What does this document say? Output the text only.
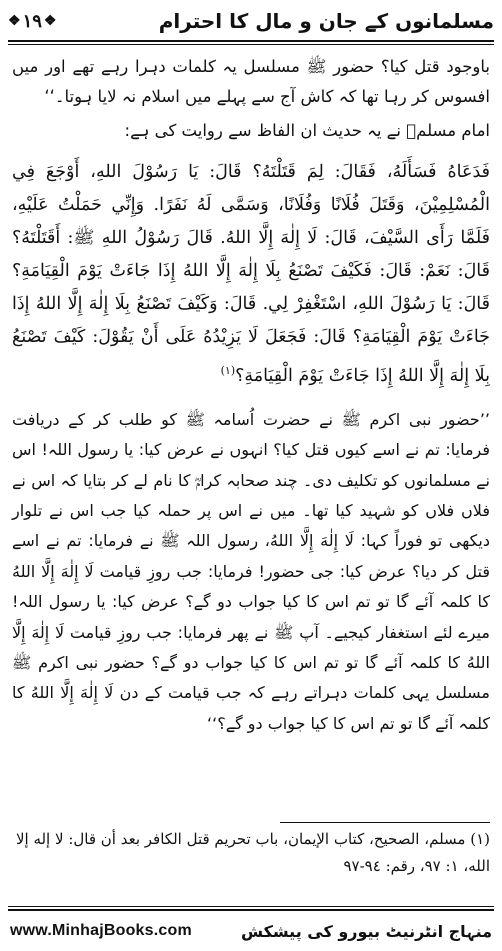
❖ ١٩ ❖	مسلمانوں کے جان و مال کا احترام

باوجود قتل کیا؟ حضور ﷺ مسلسل یہ کلمات دہرا رہے تھے اور میں افسوس کر رہا تھا کہ کاش آج سے پہلے میں اسلام نہ لایا ہوتا۔‘‘

امام مسلمؒ نے یہ حدیث ان الفاظ سے روایت کی ہے:

فَدَعَاهُ فَسَأَلَهُ، فَقَالَ: لِمَ قَتَلْتَهُ؟ قَالَ: يَا رَسُوْلَ اللهِ، أَوْجَعَ فِي الْمُسْلِمِيْنَ، وَقَتَلَ فُلَانًا وَفُلَانًا، وَسَمَّى لَهُ نَفَرًا. وَإِنِّي حَمَلْتُ عَلَيْهِ، فَلَمَّا رَأَى السَّيْفَ، قَالَ: لَا إِلٰهَ إِلَّا اللهُ. قَالَ رَسُوْلُ اللهِ ﷺ: أَقَتَلْتَهُ؟ قَالَ: نَعَمْ: قَالَ: فَكَيْفَ تَصْنَعُ بِلَا إِلٰهَ إِلَّا اللهُ إِذَا جَاءَتْ يَوْمَ الْقِيَامَةِ؟ قَالَ: يَا رَسُوْلَ اللهِ، اسْتَغْفِرْ لِي. قَالَ: وَكَيْفَ تَصْنَعُ بِلَا إِلٰهَ إِلَّا اللهُ إِذَا جَاءَتْ يَوْمَ الْقِيَامَةِ؟ قَالَ: فَجَعَلَ لَا يَزِيْدُهُ عَلَى أَنْ يَقُوْلَ: كَيْفَ تَصْنَعُ بِلَا إِلٰهَ إِلَّا اللهُ إِذَا جَاءَتْ يَوْمَ الْقِيَامَةِ؟$^{(١)}$

’’حضور نبی اکرم ﷺ نے حضرت اُسامہ ﷺ کو طلب کر کے دریافت فرمایا: تم نے اسے کیوں قتل کیا؟ انہوں نے عرض کیا: یا رسول اللہ! اس نے مسلمانوں کو تکلیف دی۔ چند صحابہ کرامؓ کا نام لے کر بتایا کہ اس نے فلاں فلاں کو شہید کیا تھا۔ میں نے اس پر حملہ کیا جب اس نے تلوار دیکھی تو فوراً کہا: لَا إِلٰهَ إِلَّا اللهُ، رسول اللہ ﷺ نے فرمایا: تم نے اسے قتل کر دیا؟ عرض کیا: جی حضور! فرمایا: جب روزِ قیامت لَا إِلٰهَ إِلَّا اللهُ کا کلمہ آئے گا تو تم اس کا کیا جواب دو گے؟ عرض کیا: یا رسول اللہ! میرے لئے استغفار کیجیے۔ آپ ﷺ نے پھر فرمایا: جب روزِ قیامت لَا إِلٰهَ إِلَّا اللهُ کا کلمہ آئے گا تو تم اس کا کیا جواب دو گے؟ حضور نبی اکرم ﷺ مسلسل یہی کلمات دہراتے رہے کہ جب قیامت کے دن لَا إِلٰهَ إِلَّا اللهُ کا کلمہ آئے گا تو تم اس کا کیا جواب دو گے؟‘‘

(١) مسلم، الصحيح، كتاب الإيمان، باب تحريم قتل الكافر بعد أن قال: لا إله إلا الله، ١: ٩٧، رقم: ٩٤-٩٧

www.MinhajBooks.com	منہاج انٹرنیٹ بیورو کی پیشکش
